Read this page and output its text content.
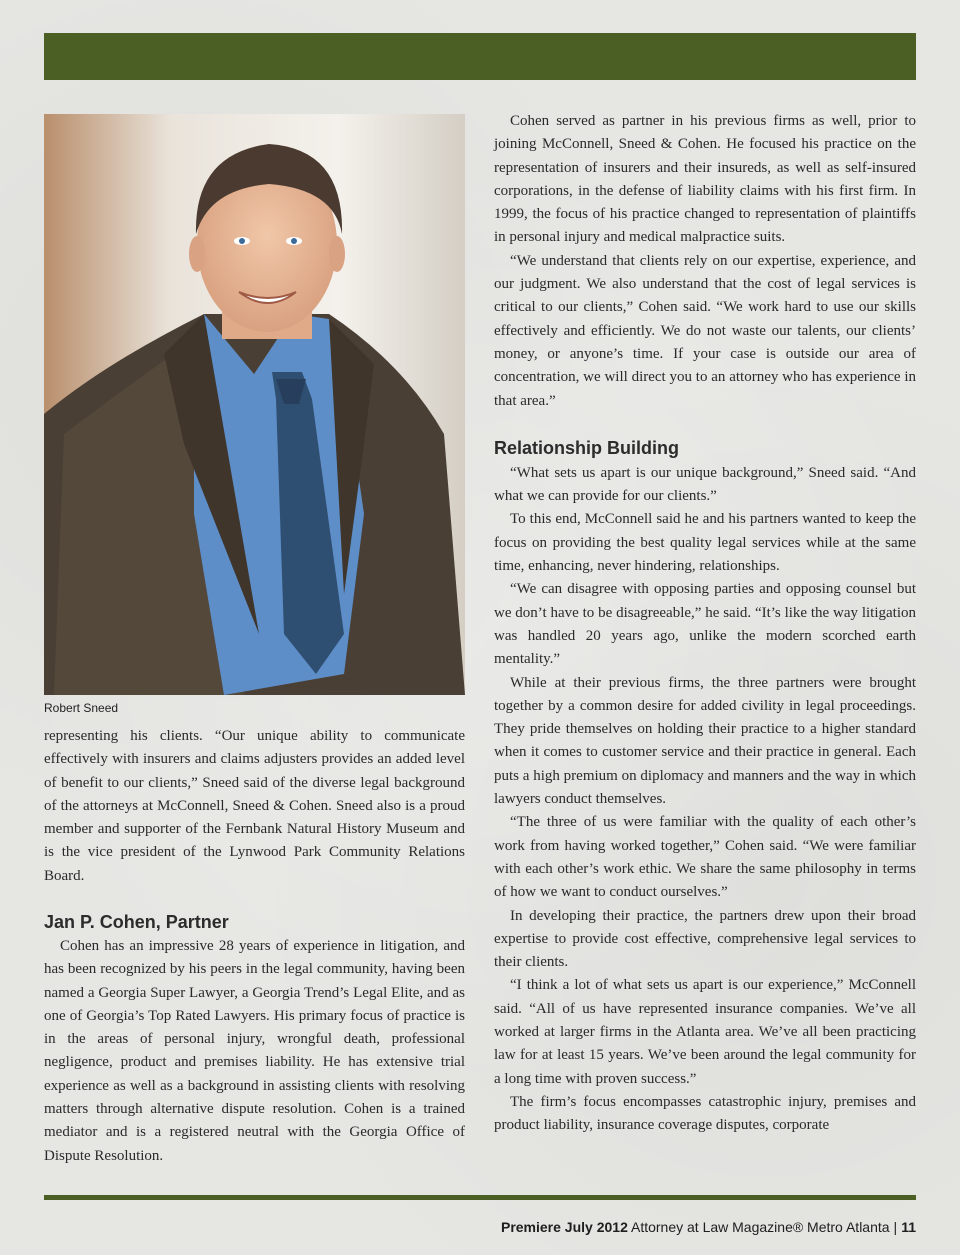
Robert Sneed

representing his clients. “Our unique ability to communicate effectively with insurers and claims adjusters provides an added level of benefit to our clients,” Sneed said of the diverse legal background of the attorneys at McConnell, Sneed & Cohen. Sneed also is a proud member and supporter of the Fernbank Natural History Museum and is the vice president of the Lynwood Park Community Relations Board.

Jan P. Cohen, Partner

Cohen has an impressive 28 years of experience in litigation, and has been recognized by his peers in the legal community, having been named a Georgia Super Lawyer, a Georgia Trend’s Legal Elite, and as one of Georgia’s Top Rated Lawyers. His primary focus of practice is in the areas of personal injury, wrongful death, professional negligence, product and premises liability. He has extensive trial experience as well as a background in assisting clients with resolving matters through alternative dispute resolution. Cohen is a trained mediator and is a registered neutral with the Georgia Office of Dispute Resolution.

Cohen served as partner in his previous firms as well, prior to joining McConnell, Sneed & Cohen. He focused his practice on the representation of insurers and their insureds, as well as self-insured corporations, in the defense of liability claims with his first firm. In 1999, the focus of his practice changed to representation of plaintiffs in personal injury and medical malpractice suits.

“We understand that clients rely on our expertise, experience, and our judgment. We also understand that the cost of legal services is critical to our clients,” Cohen said. “We work hard to use our skills effectively and efficiently. We do not waste our talents, our clients’ money, or anyone’s time. If your case is outside our area of concentration, we will direct you to an attorney who has experience in that area.”

Relationship Building

“What sets us apart is our unique background,” Sneed said. “And what we can provide for our clients.”

To this end, McConnell said he and his partners wanted to keep the focus on providing the best quality legal services while at the same time, enhancing, never hindering, relationships.

“We can disagree with opposing parties and opposing counsel but we don’t have to be disagreeable,” he said. “It’s like the way litigation was handled 20 years ago, unlike the modern scorched earth mentality.”

While at their previous firms, the three partners were brought together by a common desire for added civility in legal proceedings. They pride themselves on holding their practice to a higher standard when it comes to customer service and their practice in general. Each puts a high premium on diplomacy and manners and the way in which lawyers conduct themselves.

“The three of us were familiar with the quality of each other’s work from having worked together,” Cohen said. “We were familiar with each other’s work ethic. We share the same philosophy in terms of how we want to conduct ourselves.”

In developing their practice, the partners drew upon their broad expertise to provide cost effective, comprehensive legal services to their clients.

“I think a lot of what sets us apart is our experience,” McConnell said. “All of us have represented insurance companies. We’ve all worked at larger firms in the Atlanta area. We’ve all been practicing law for at least 15 years. We’ve been around the legal community for a long time with proven success.”

The firm’s focus encompasses catastrophic injury, premises and product liability, insurance coverage disputes, corporate

Premiere July 2012 Attorney at Law Magazine® Metro Atlanta | 11
